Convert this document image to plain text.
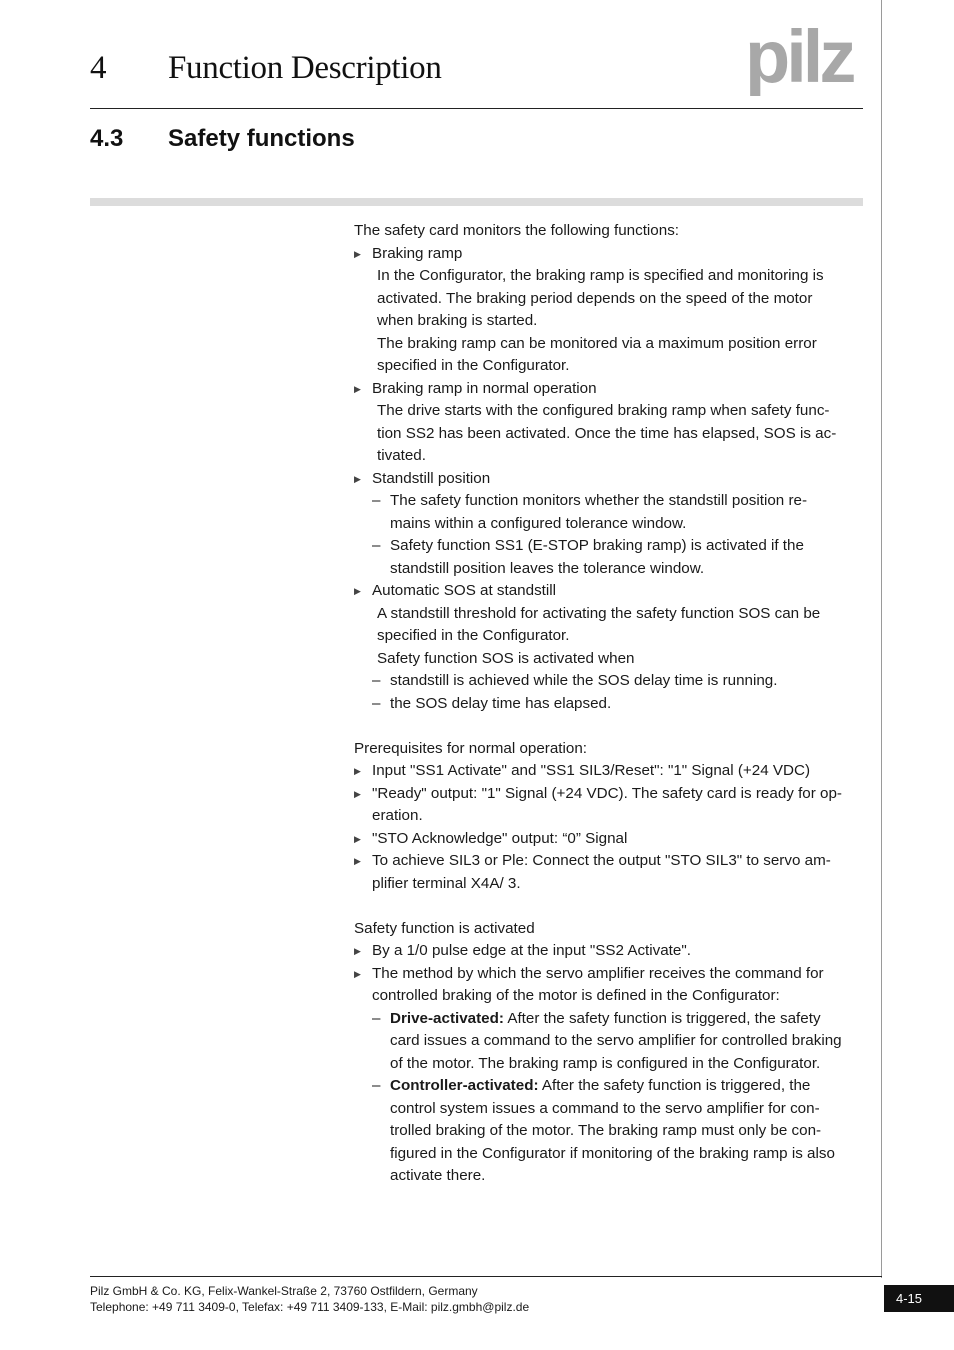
4 Function Description	pilz
4.3 Safety functions

The safety card monitors the following functions:

▶ Braking ramp

In the Configurator, the braking ramp is specified and monitoring is

activated. The braking period depends on the speed of the motor

when braking is started.

The braking ramp can be monitored via a maximum position error

specified in the Configurator.

▶ Braking ramp in normal operation

The drive starts with the configured braking ramp when safety func-

tion SS2 has been activated. Once the time has elapsed, SOS is ac-

tivated.

▶ Standstill position

– The safety function monitors whether the standstill position re-

mains within a configured tolerance window.

– Safety function SS1 (E-STOP braking ramp) is activated if the

standstill position leaves the tolerance window.

▶ Automatic SOS at standstill

A standstill threshold for activating the safety function SOS can be

specified in the Configurator.

Safety function SOS is activated when

– standstill is achieved while the SOS delay time is running.

– the SOS delay time has elapsed.

Prerequisites for normal operation:

▶ Input "SS1 Activate" and "SS1 SIL3/Reset": "1" Signal (+24 VDC)

▶ "Ready" output: "1" Signal (+24 VDC). The safety card is ready for op-

eration.

▶ "STO Acknowledge" output: “0” Signal

▶ To achieve SIL3 or Ple: Connect the output "STO SIL3" to servo am-

plifier terminal X4A/ 3.

Safety function is activated

▶ By a 1/0 pulse edge at the input "SS2 Activate".

▶ The method by which the servo amplifier receives the command for

controlled braking of the motor is defined in the Configurator:

– Drive-activated: After the safety function is triggered, the safety

card issues a command to the servo amplifier for controlled braking

of the motor. The braking ramp is configured in the Configurator.

– Controller-activated: After the safety function is triggered, the

control system issues a command to the servo amplifier for con-

trolled braking of the motor. The braking ramp must only be con-

figured in the Configurator if monitoring of the braking ramp is also

activate there.

Pilz GmbH & Co. KG, Felix-Wankel-Straße 2, 73760 Ostfildern, Germany
Telephone: +49 711 3409-0, Telefax: +49 711 3409-133, E-Mail: pilz.gmbh@pilz.de
4-15
